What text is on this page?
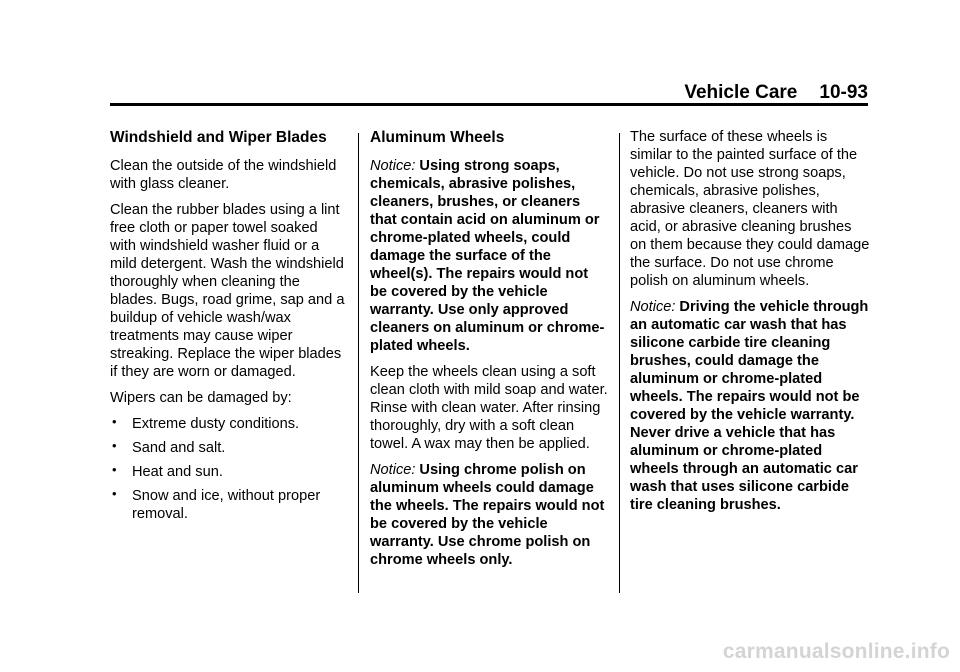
Vehicle Care 10-93
Windshield and Wiper Blades

Clean the outside of the windshield with glass cleaner.

Clean the rubber blades using a lint free cloth or paper towel soaked with windshield washer fluid or a mild detergent. Wash the windshield thoroughly when cleaning the blades. Bugs, road grime, sap and a buildup of vehicle wash/wax treatments may cause wiper streaking. Replace the wiper blades if they are worn or damaged.

Wipers can be damaged by:

• Extreme dusty conditions.
• Sand and salt.
• Heat and sun.
• Snow and ice, without proper removal.
Aluminum Wheels

Notice: Using strong soaps, chemicals, abrasive polishes, cleaners, brushes, or cleaners that contain acid on aluminum or chrome-plated wheels, could damage the surface of the wheel(s). The repairs would not be covered by the vehicle warranty. Use only approved cleaners on aluminum or chrome-plated wheels.

Keep the wheels clean using a soft clean cloth with mild soap and water. Rinse with clean water. After rinsing thoroughly, dry with a soft clean towel. A wax may then be applied.

Notice: Using chrome polish on aluminum wheels could damage the wheels. The repairs would not be covered by the vehicle warranty. Use chrome polish on chrome wheels only.

The surface of these wheels is similar to the painted surface of the vehicle. Do not use strong soaps, chemicals, abrasive polishes, abrasive cleaners, cleaners with acid, or abrasive cleaning brushes on them because they could damage the surface. Do not use chrome polish on aluminum wheels.

Notice: Driving the vehicle through an automatic car wash that has silicone carbide tire cleaning brushes, could damage the aluminum or chrome-plated wheels. The repairs would not be covered by the vehicle warranty. Never drive a vehicle that has aluminum or chrome-plated wheels through an automatic car wash that uses silicone carbide tire cleaning brushes.

carmanualsonline.info
